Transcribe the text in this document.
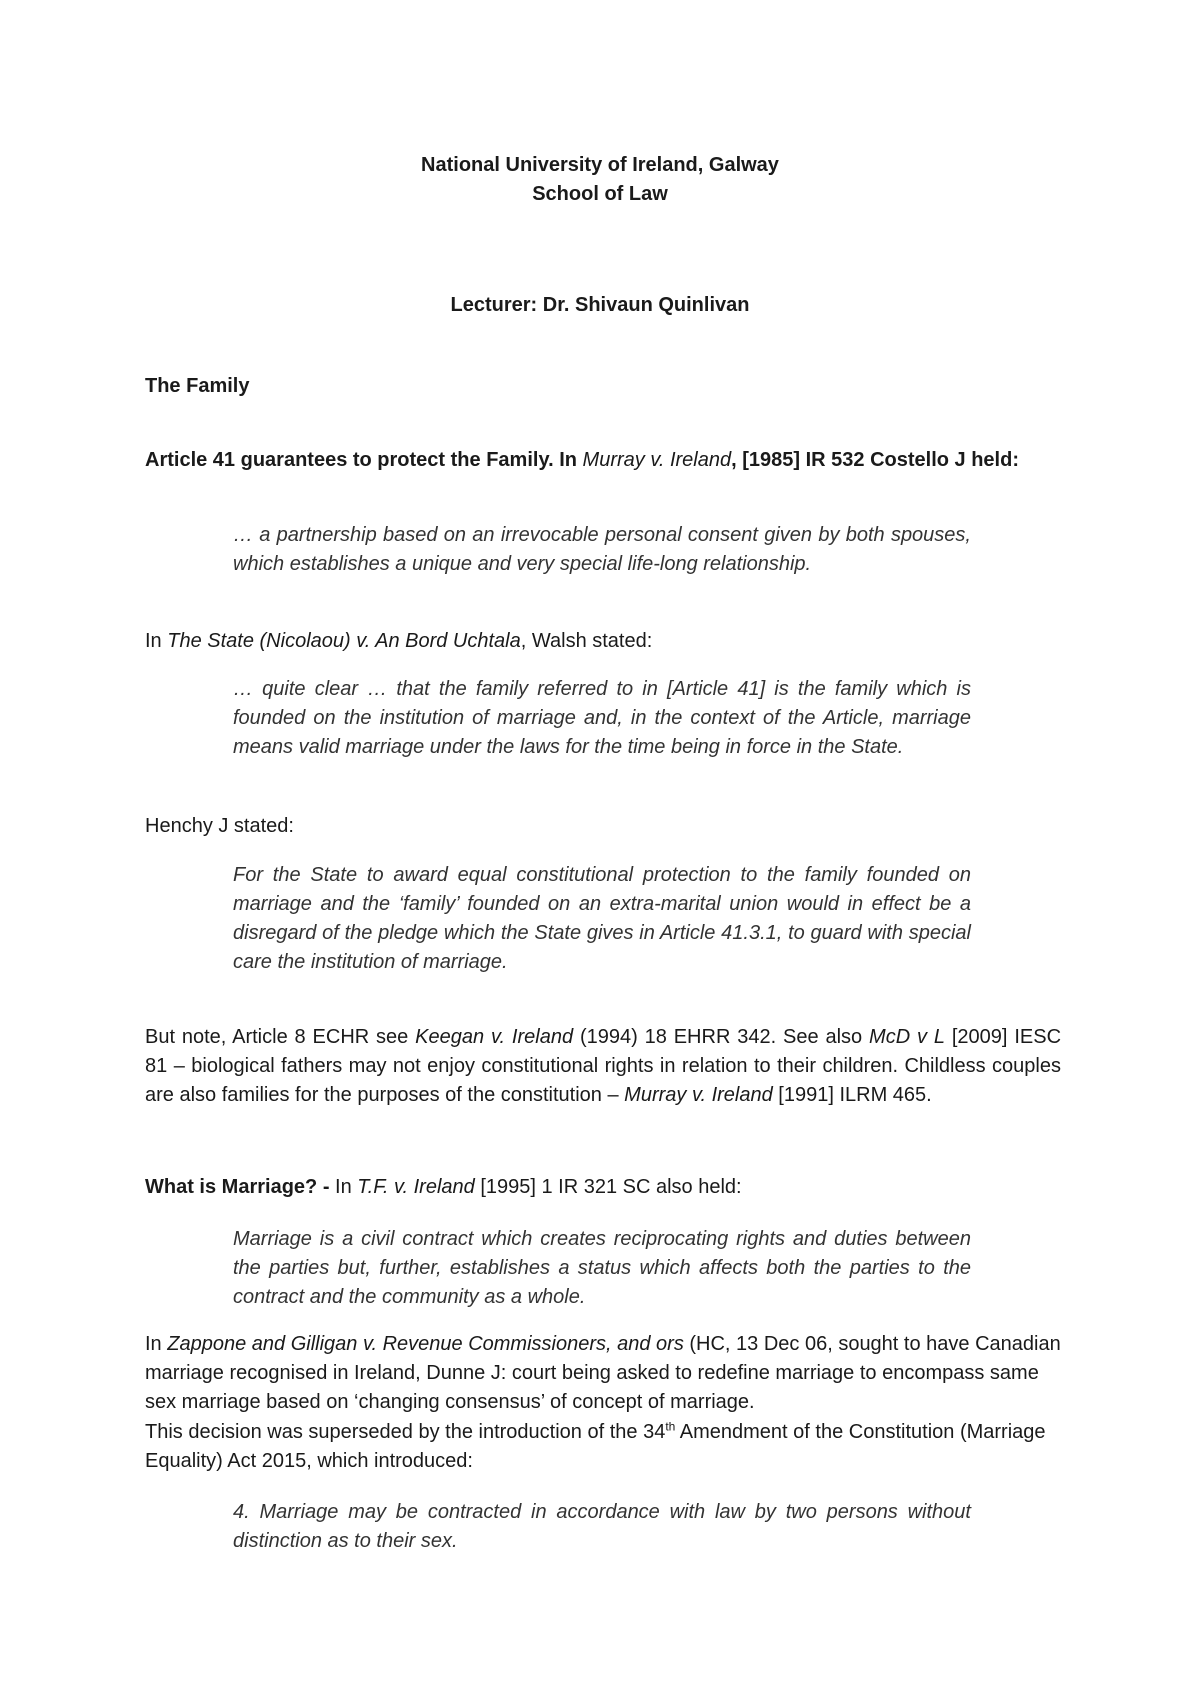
National University of Ireland, Galway

School of Law

Lecturer: Dr. Shivaun Quinlivan

The Family

Article 41 guarantees to protect the Family. In Murray v. Ireland, [1985] IR 532 Costello J held:

… a partnership based on an irrevocable personal consent given by both spouses, which establishes a unique and very special life-long relationship.

In The State (Nicolaou) v. An Bord Uchtala, Walsh stated:

… quite clear … that the family referred to in [Article 41] is the family which is founded on the institution of marriage and, in the context of the Article, marriage means valid marriage under the laws for the time being in force in the State.

Henchy J stated:

For the State to award equal constitutional protection to the family founded on marriage and the ‘family’ founded on an extra-marital union would in effect be a disregard of the pledge which the State gives in Article 41.3.1, to guard with special care the institution of marriage.

But note, Article 8 ECHR see Keegan v. Ireland (1994) 18 EHRR 342. See also McD v L [2009] IESC 81 – biological fathers may not enjoy constitutional rights in relation to their children. Childless couples are also families for the purposes of the constitution – Murray v. Ireland [1991] ILRM 465.

What is Marriage? - In T.F. v. Ireland [1995] 1 IR 321 SC also held:

Marriage is a civil contract which creates reciprocating rights and duties between the parties but, further, establishes a status which affects both the parties to the contract and the community as a whole.

In Zappone and Gilligan v. Revenue Commissioners, and ors (HC, 13 Dec 06, sought to have Canadian marriage recognised in Ireland, Dunne J: court being asked to redefine marriage to encompass same sex marriage based on ‘changing consensus’ of concept of marriage.

This decision was superseded by the introduction of the 34th Amendment of the Constitution (Marriage Equality) Act 2015, which introduced:

4. Marriage may be contracted in accordance with law by two persons without distinction as to their sex.
